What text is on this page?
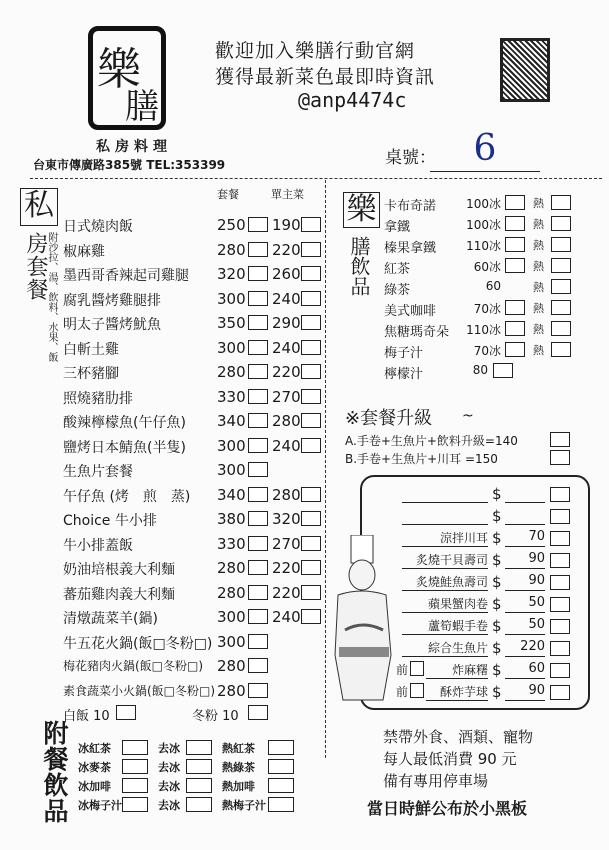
樂
膳
私房料理
台東市傳廣路385號 TEL:353399
歡迎加入樂膳行動官網
獲得最新菜色最即時資訊
@anp4474c
桌號：	6
私
房套餐
附沙拉、湯、飲料、水果、飯
套餐	單主菜
白飯 10	冬粉 10
附餐飲品
樂
膳飲品
※套餐升級 ~
A.手卷+生魚片+飲料升級=140
B.手卷+生魚片+川耳 =150
當日時鮮公布於小黑板
日式燒肉飯	250 190
椒麻雞	280 220
墨西哥香辣起司雞腿 320 260
腐乳醬烤雞腿排	300 240
明太子醬烤魷魚	350 290
白斬土雞	300 240
三杯豬腳	280 220
照燒豬肋排	330 270
酸辣檸檬魚(午仔魚) 340 280
鹽烤日本鯖魚(半隻) 300 240
生魚片套餐	300
午仔魚 (烤　煎　蒸) 340 280
Choice 牛小排	380 320
牛小排蓋飯	330 270
奶油培根義大利麵	280 220
蕃茄雞肉義大利麵	280 220
清燉蔬菜羊(鍋)	300 240
牛五花火鍋(飯□冬粉□) 300
梅花豬肉火鍋(飯□冬粉□) 280
素食蔬菜小火鍋(飯□冬粉□) 280
冰紅茶	去冰	熱紅茶
冰麥茶	去冰	熱綠茶
冰加啡	去冰	熱加啡
冰梅子汁	去冰	熱梅子汁
卡布奇諾	100冰	熱
拿鐵	100冰	熱
榛果拿鐵	110冰	熱
紅茶	60冰	熱
綠茶	60	熱
美式咖啡	70冰	熱
焦糖瑪奇朵	110冰	熱
梅子汁	70冰	熱
檸檬汁	80
$
$
涼拌川耳 $	70
炙燒干貝壽司 $	90
炙燒鮭魚壽司 $	90
蘋果蟹肉卷 $	50
蘆筍蝦手卷 $	50
綜合生魚片 $	220
前	炸麻糬 $	60
前	酥炸芋球 $	90
禁帶外食、酒類、寵物
每人最低消費 90 元
備有專用停車場
